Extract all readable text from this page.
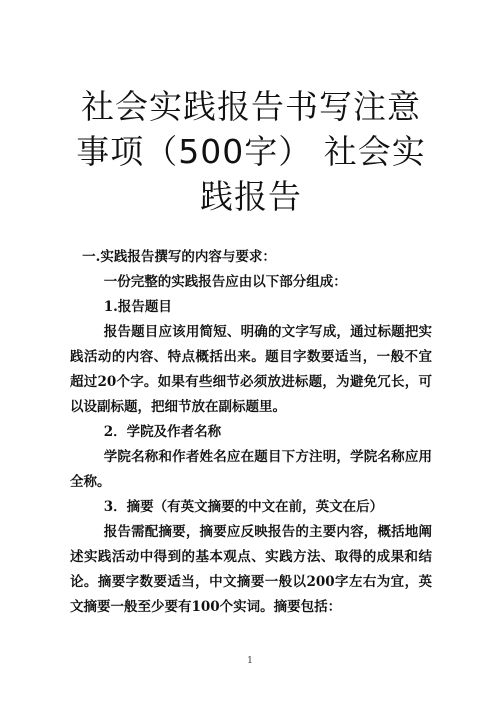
社会实践报告书写注意事项（500字） 社会实践报告

一.实践报告撰写的内容与要求：

一份完整的实践报告应由以下部分组成：

1.报告题目

报告题目应该用简短、明确的文字写成，通过标题把实践活动的内容、特点概括出来。题目字数要适当，一般不宜超过20个字。如果有些细节必须放进标题，为避免冗长，可以设副标题，把细节放在副标题里。

2．学院及作者名称

学院名称和作者姓名应在题目下方注明，学院名称应用全称。

3．摘要（有英文摘要的中文在前，英文在后）

报告需配摘要，摘要应反映报告的主要内容，概括地阐述实践活动中得到的基本观点、实践方法、取得的成果和结论。摘要字数要适当，中文摘要一般以200字左右为宜，英文摘要一般至少要有100个实词。摘要包括：

1
